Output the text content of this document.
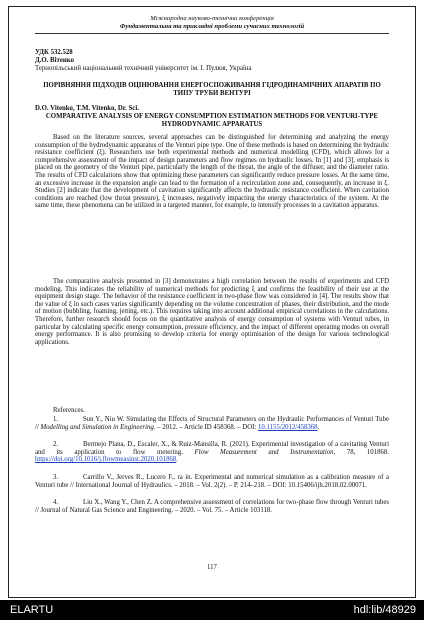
Міжнародна науково-технічна конференція
Фундаментальна та прикладні проблеми сучасних технологій
УДК 532.528
Д.О. Вітенко
Тернопільський національний технічний університет ім. І. Пулюя, Україна
ПОРІВНЯННЯ ПІДХОДІВ ОЦІНЮВАННЯ ЕНЕРГОСПОЖИВАННЯ ГІДРОДИНАМІЧНИХ АПАРАТІВ ПО ТИПУ ТРУБИ ВЕНТУРІ
D.O. Vitenko, T.M. Vitenko, Dr. Sci.
COMPARATIVE ANALYSIS OF ENERGY CONSUMPTION ESTIMATION METHODS FOR VENTURI-TYPE HYDRODYNAMIC APPARATUS
Based on the literature sources, several approaches can be distinguished for determining and analyzing the energy consumption of the hydrodynamic apparatus of the Venturi pipe type. One of these methods is based on determining the hydraulic resistance coefficient (ξ). Researchers use both experimental methods and numerical modelling (CFD), which allows for a comprehensive assessment of the impact of design parameters and flow regimes on hydraulic losses. In [1] and [3], emphasis is placed on the geometry of the Venturi pipe, particularly the length of the throat, the angle of the diffuser, and the diameter ratio. The results of CFD calculations show that optimizing these parameters can significantly reduce pressure losses. At the same time, an excessive increase in the expansion angle can lead to the formation of a recirculation zone and, consequently, an increase in ξ. Studies [2] indicate that the development of cavitation significantly affects the hydraulic resistance coefficient. When cavitation conditions are reached (low throat pressure), ξ increases, negatively impacting the energy characteristics of the system. At the same time, these phenomena can be utilized in a targeted manner, for example, to intensify processes in a cavitation apparatus.
The comparative analysis presented in [3] demonstrates a high correlation between the results of experiments and CFD modeling. This indicates the reliability of numerical methods for predicting ξ and confirms the feasibility of their use at the equipment design stage. The behavior of the resistance coefficient in two-phase flow was considered in [4]. The results show that the value of ξ in such cases varies significantly depending on the volume concentration of phases, their distribution, and the mode of motion (bubbling, foaming, jetting, etc.). This requires taking into account additional empirical correlations in the calculations. Therefore, further research should focus on the quantitative analysis of energy consumption of systems with Venturi tubes, in particular by calculating specific energy consumption, pressure efficiency, and the impact of different operating modes on overall energy performance. It is also promising to develop criteria for energy optimisation of the design for various technological applications.
References.
1.	Sun Y., Niu W. Simulating the Effects of Structural Parameters on the Hydraulic Performances of Venturi Tube // Modelling and Simulation in Engineering. – 2012. – Article ID 458368. – DOI: 10.1155/2012/458368.
2.	Bermejo Plana, D., Escaler, X., & Ruiz-Mansilla, R. (2021). Experimental investigation of a cavitating Venturi and its application to flow metering. Flow Measurement and Instrumentation, 78, 101868. https://doi.org/10.1016/j.flowmeasinst.2020.101868.
3.	Carrillo V., Jerves R., Lucero F., ra in. Experimental and numerical simulation as a calibration measure of a Venturi tube // International Journal of Hydraulics. – 2018. – Vol. 2(2). – P. 214–218. – DOI: 10.15406/ijh.2018.02.00071.
4.	Liu X., Wang Y., Chen Z. A comprehensive assessment of correlations for two-phase flow through Venturi tubes // Journal of Natural Gas Science and Engineering. – 2020. – Vol. 75. – Article 103118.
117
ELARTU	hdl:lib/48929
